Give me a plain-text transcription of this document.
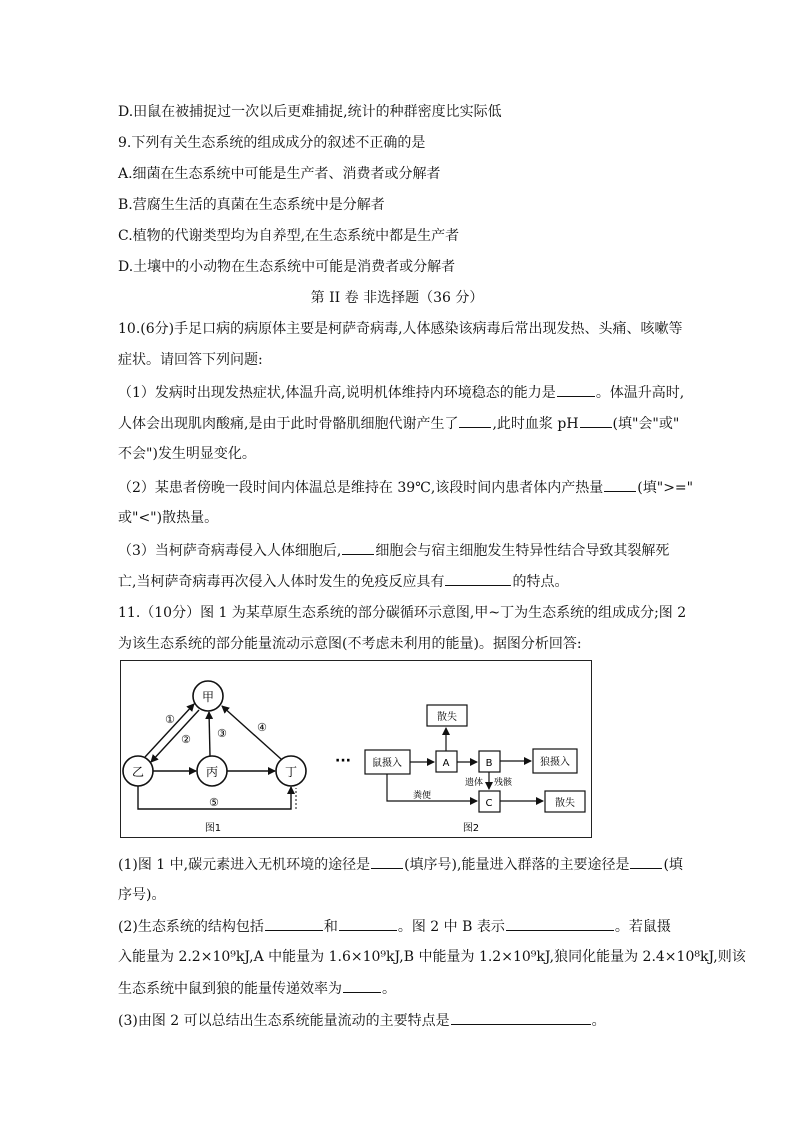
D.田鼠在被捕捉过一次以后更难捕捉,统计的种群密度比实际低
9.下列有关生态系统的组成成分的叙述不正确的是
A.细菌在生态系统中可能是生产者、消费者或分解者
B.营腐生生活的真菌在生态系统中是分解者
C.植物的代谢类型均为自养型,在生态系统中都是生产者
D.土壤中的小动物在生态系统中可能是消费者或分解者
第 II 卷 非选择题（36 分）
10.(6分)手足口病的病原体主要是柯萨奇病毒,人体感染该病毒后常出现发热、头痛、咳嗽等
症状。请回答下列问题:
（1）发病时出现发热症状,体温升高,说明机体维持内环境稳态的能力是	。体温升高时,
人体会出现肌肉酸痛,是由于此时骨骼肌细胞代谢产生了 ,此时血浆 pH (填"会"或"
不会")发生明显变化。
（2）某患者傍晚一段时间内体温总是维持在 39℃,该段时间内患者体内产热量 (填">="
或"<")散热量。
（3）当柯萨奇病毒侵入人体细胞后, 细胞会与宿主细胞发生特异性结合导致其裂解死
亡,当柯萨奇病毒再次侵入人体时发生的免疫反应具有	的特点。
11.（10分）图 1 为某草原生态系统的部分碳循环示意图,甲~丁为生态系统的组成成分;图 2
为该生态系统的部分能量流动示意图(不考虑未利用的能量)。据图分析回答:
甲
乙	丙	丁
①
② ③	④
⑤
图1
··· 鼠摄入	A	B
C
散失
狼摄入
散失
遗体 残骸
粪便
图2
(1)图 1 中,碳元素进入无机环境的途径是 (填序号),能量进入群落的主要途径是 (填
序号)。
(2)生态系统的结构包括	和	。图 2 中 B 表示	。若鼠摄
入能量为 2.2×10⁹kJ,A 中能量为 1.6×10⁹kJ,B 中能量为 1.2×10⁹kJ,狼同化能量为 2.4×10⁸kJ,则该
生态系统中鼠到狼的能量传递效率为	。
(3)由图 2 可以总结出生态系统能量流动的主要特点是	。
